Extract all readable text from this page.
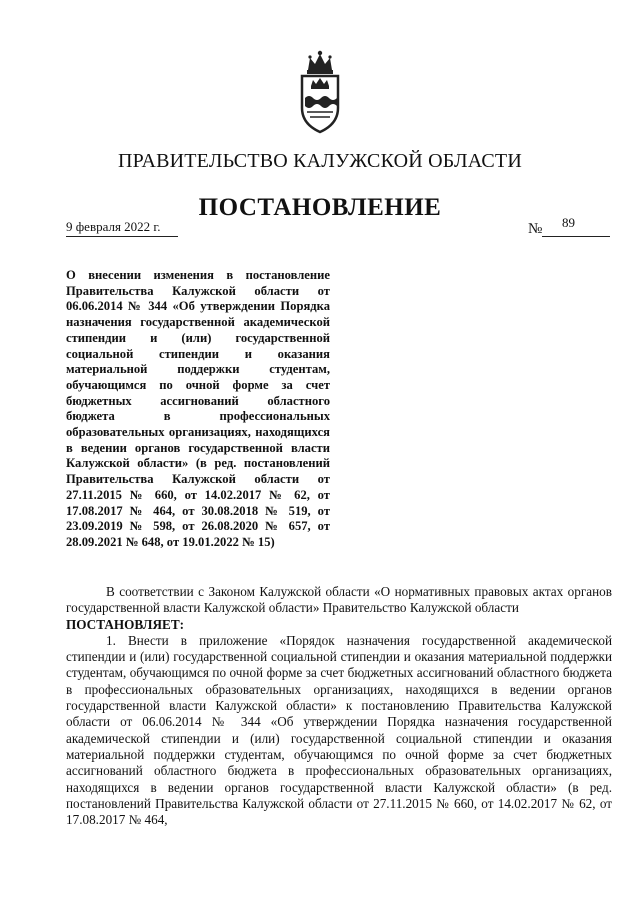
ПРАВИТЕЛЬСТВО КАЛУЖСКОЙ ОБЛАСТИ
ПОСТАНОВЛЕНИЕ
9 февраля 2022 г.	№ 89
О внесении изменения в постановление Правительства Калужской области от 06.06.2014 № 344 «Об утверждении Порядка назначения государственной академической стипендии и (или) государственной социальной стипендии и оказания материальной поддержки студентам, обучающимся по очной форме за счет бюджетных ассигнований областного бюджета в профессиональных образовательных организациях, находящихся в ведении органов государственной власти Калужской области» (в ред. постановлений Правительства Калужской области от 27.11.2015 № 660, от 14.02.2017 № 62, от 17.08.2017 № 464, от 30.08.2018 № 519, от 23.09.2019 № 598, от 26.08.2020 № 657, от 28.09.2021 № 648, от 19.01.2022 № 15)

В соответствии с Законом Калужской области «О нормативных правовых актах органов государственной власти Калужской области» Правительство Калужской области

ПОСТАНОВЛЯЕТ:

1. Внести в приложение «Порядок назначения государственной академической стипендии и (или) государственной социальной стипендии и оказания материальной поддержки студентам, обучающимся по очной форме за счет бюджетных ассигнований областного бюджета в профессиональных образовательных организациях, находящихся в ведении органов государственной власти Калужской области» к постановлению Правительства Калужской области от 06.06.2014 № 344 «Об утверждении Порядка назначения государственной академической стипендии и (или) государственной социальной стипендии и оказания материальной поддержки студентам, обучающимся по очной форме за счет бюджетных ассигнований областного бюджета в профессиональных образовательных организациях, находящихся в ведении органов государственной власти Калужской области» (в ред. постановлений Правительства Калужской области от 27.11.2015 № 660, от 14.02.2017 № 62, от 17.08.2017 № 464,
